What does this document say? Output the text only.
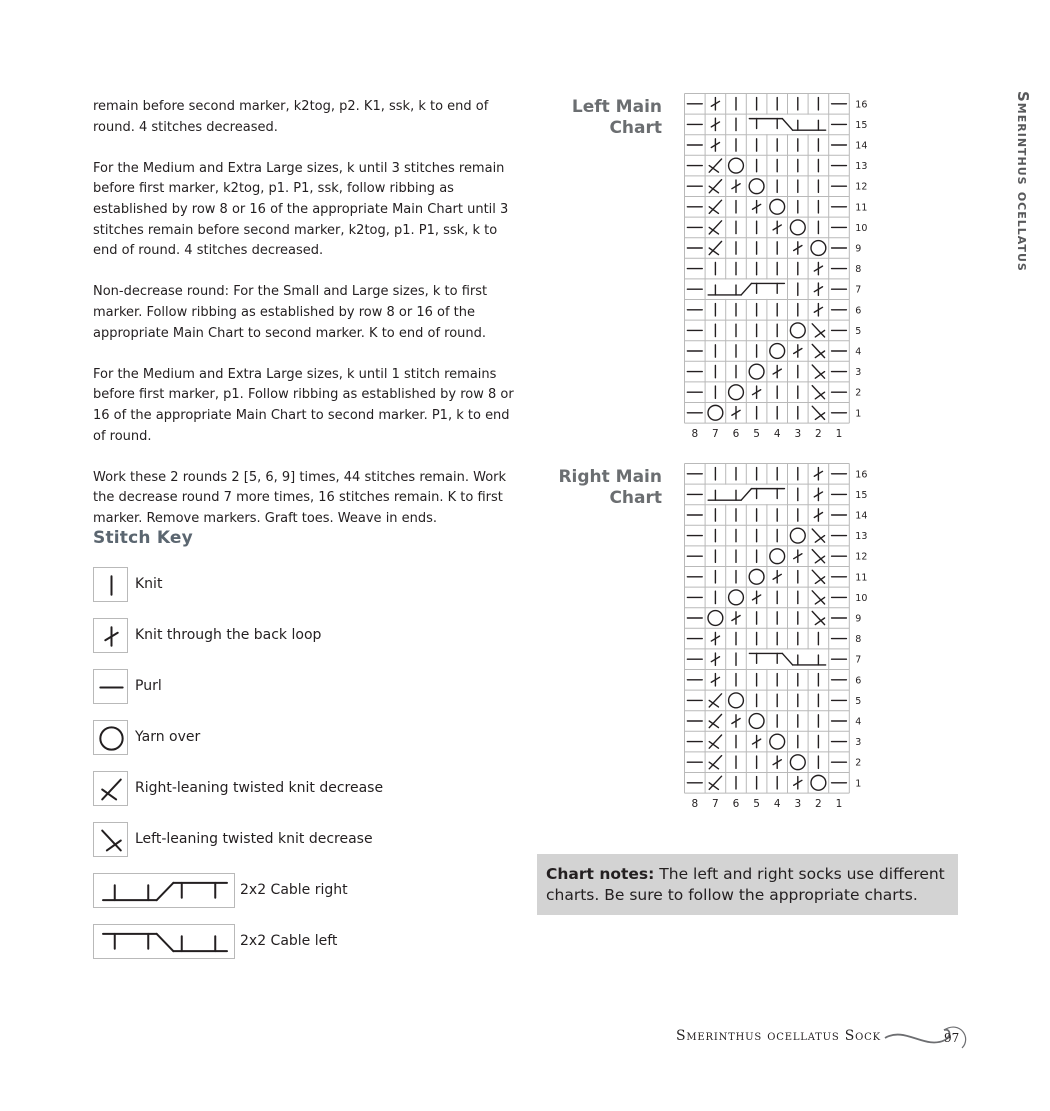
remain before second marker, k2tog, p2. K1, ssk, k to end of round. 4 stitches decreased.

For the Medium and Extra Large sizes, k until 3 stitches remain before first marker, k2tog, p1. P1, ssk, follow ribbing as established by row 8 or 16 of the appropriate Main Chart until 3 stitches remain before second marker, k2tog, p1. P1, ssk, k to end of round. 4 stitches decreased.

Non-decrease round: For the Small and Large sizes, k to first marker. Follow ribbing as established by row 8 or 16 of the appropriate Main Chart to second marker. K to end of round.

For the Medium and Extra Large sizes, k until 1 stitch remains before first marker, p1. Follow ribbing as established by row 8 or 16 of the appropriate Main Chart to second marker. P1, k to end of round.

Work these 2 rounds 2 [5, 6, 9] times, 44 stitches remain. Work the decrease round 7 more times, 16 stitches remain. K to first marker. Remove markers. Graft toes. Weave in ends.

Stitch Key
Knit
Knit through the back loop
Purl
Yarn over
Right-leaning twisted knit decrease
Left-leaning twisted knit decrease
2x2 Cable right
2x2 Cable left
Left Main
Chart
16
15
14
13
12
11
10
9
8
7
6
5
4
3
2
1
8 7 6 5 4 3 2 1
Right Main
Chart
16
15
14
13
12
11
10
9
8
7
6
5
4
3
2
1
8 7 6 5 4 3 2 1
Smerinthus ocellatus
Chart notes: The left and right socks use different charts. Be sure to follow the appropriate charts.
Smerinthus ocellatus Sock	97
